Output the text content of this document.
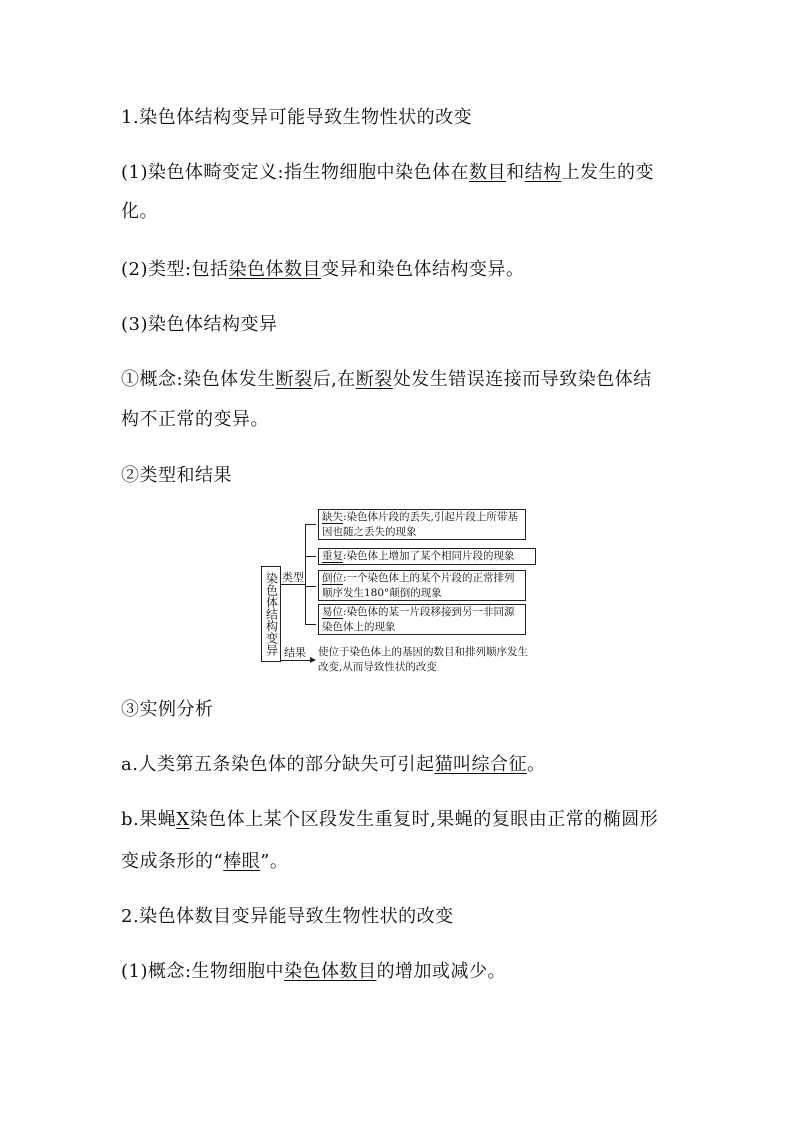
1.染色体结构变异可能导致生物性状的改变
(1)染色体畸变定义:指生物细胞中染色体在数目和结构上发生的变
化。
(2)类型:包括染色体数目变异和染色体结构变异。
(3)染色体结构变异
①概念:染色体发生断裂后,在断裂处发生错误连接而导致染色体结
构不正常的变异。
②类型和结果
染色体结构变异 类型
缺失:染色体片段的丢失,引起片段上所带基因也随之丢失的现象
重复:染色体上增加了某个相同片段的现象
倒位:一个染色体上的某个片段的正常排列顺序发生180°颠倒的现象
易位:染色体的某一片段移接到另一非同源染色体上的现象
结果 使位于染色体上的基因的数目和排列顺序发生改变,从而导致性状的改变
③实例分析
a.人类第五条染色体的部分缺失可引起猫叫综合征。
b.果蝇X染色体上某个区段发生重复时,果蝇的复眼由正常的椭圆形
变成条形的“棒眼”。
2.染色体数目变异能导致生物性状的改变
(1)概念:生物细胞中染色体数目的增加或减少。
